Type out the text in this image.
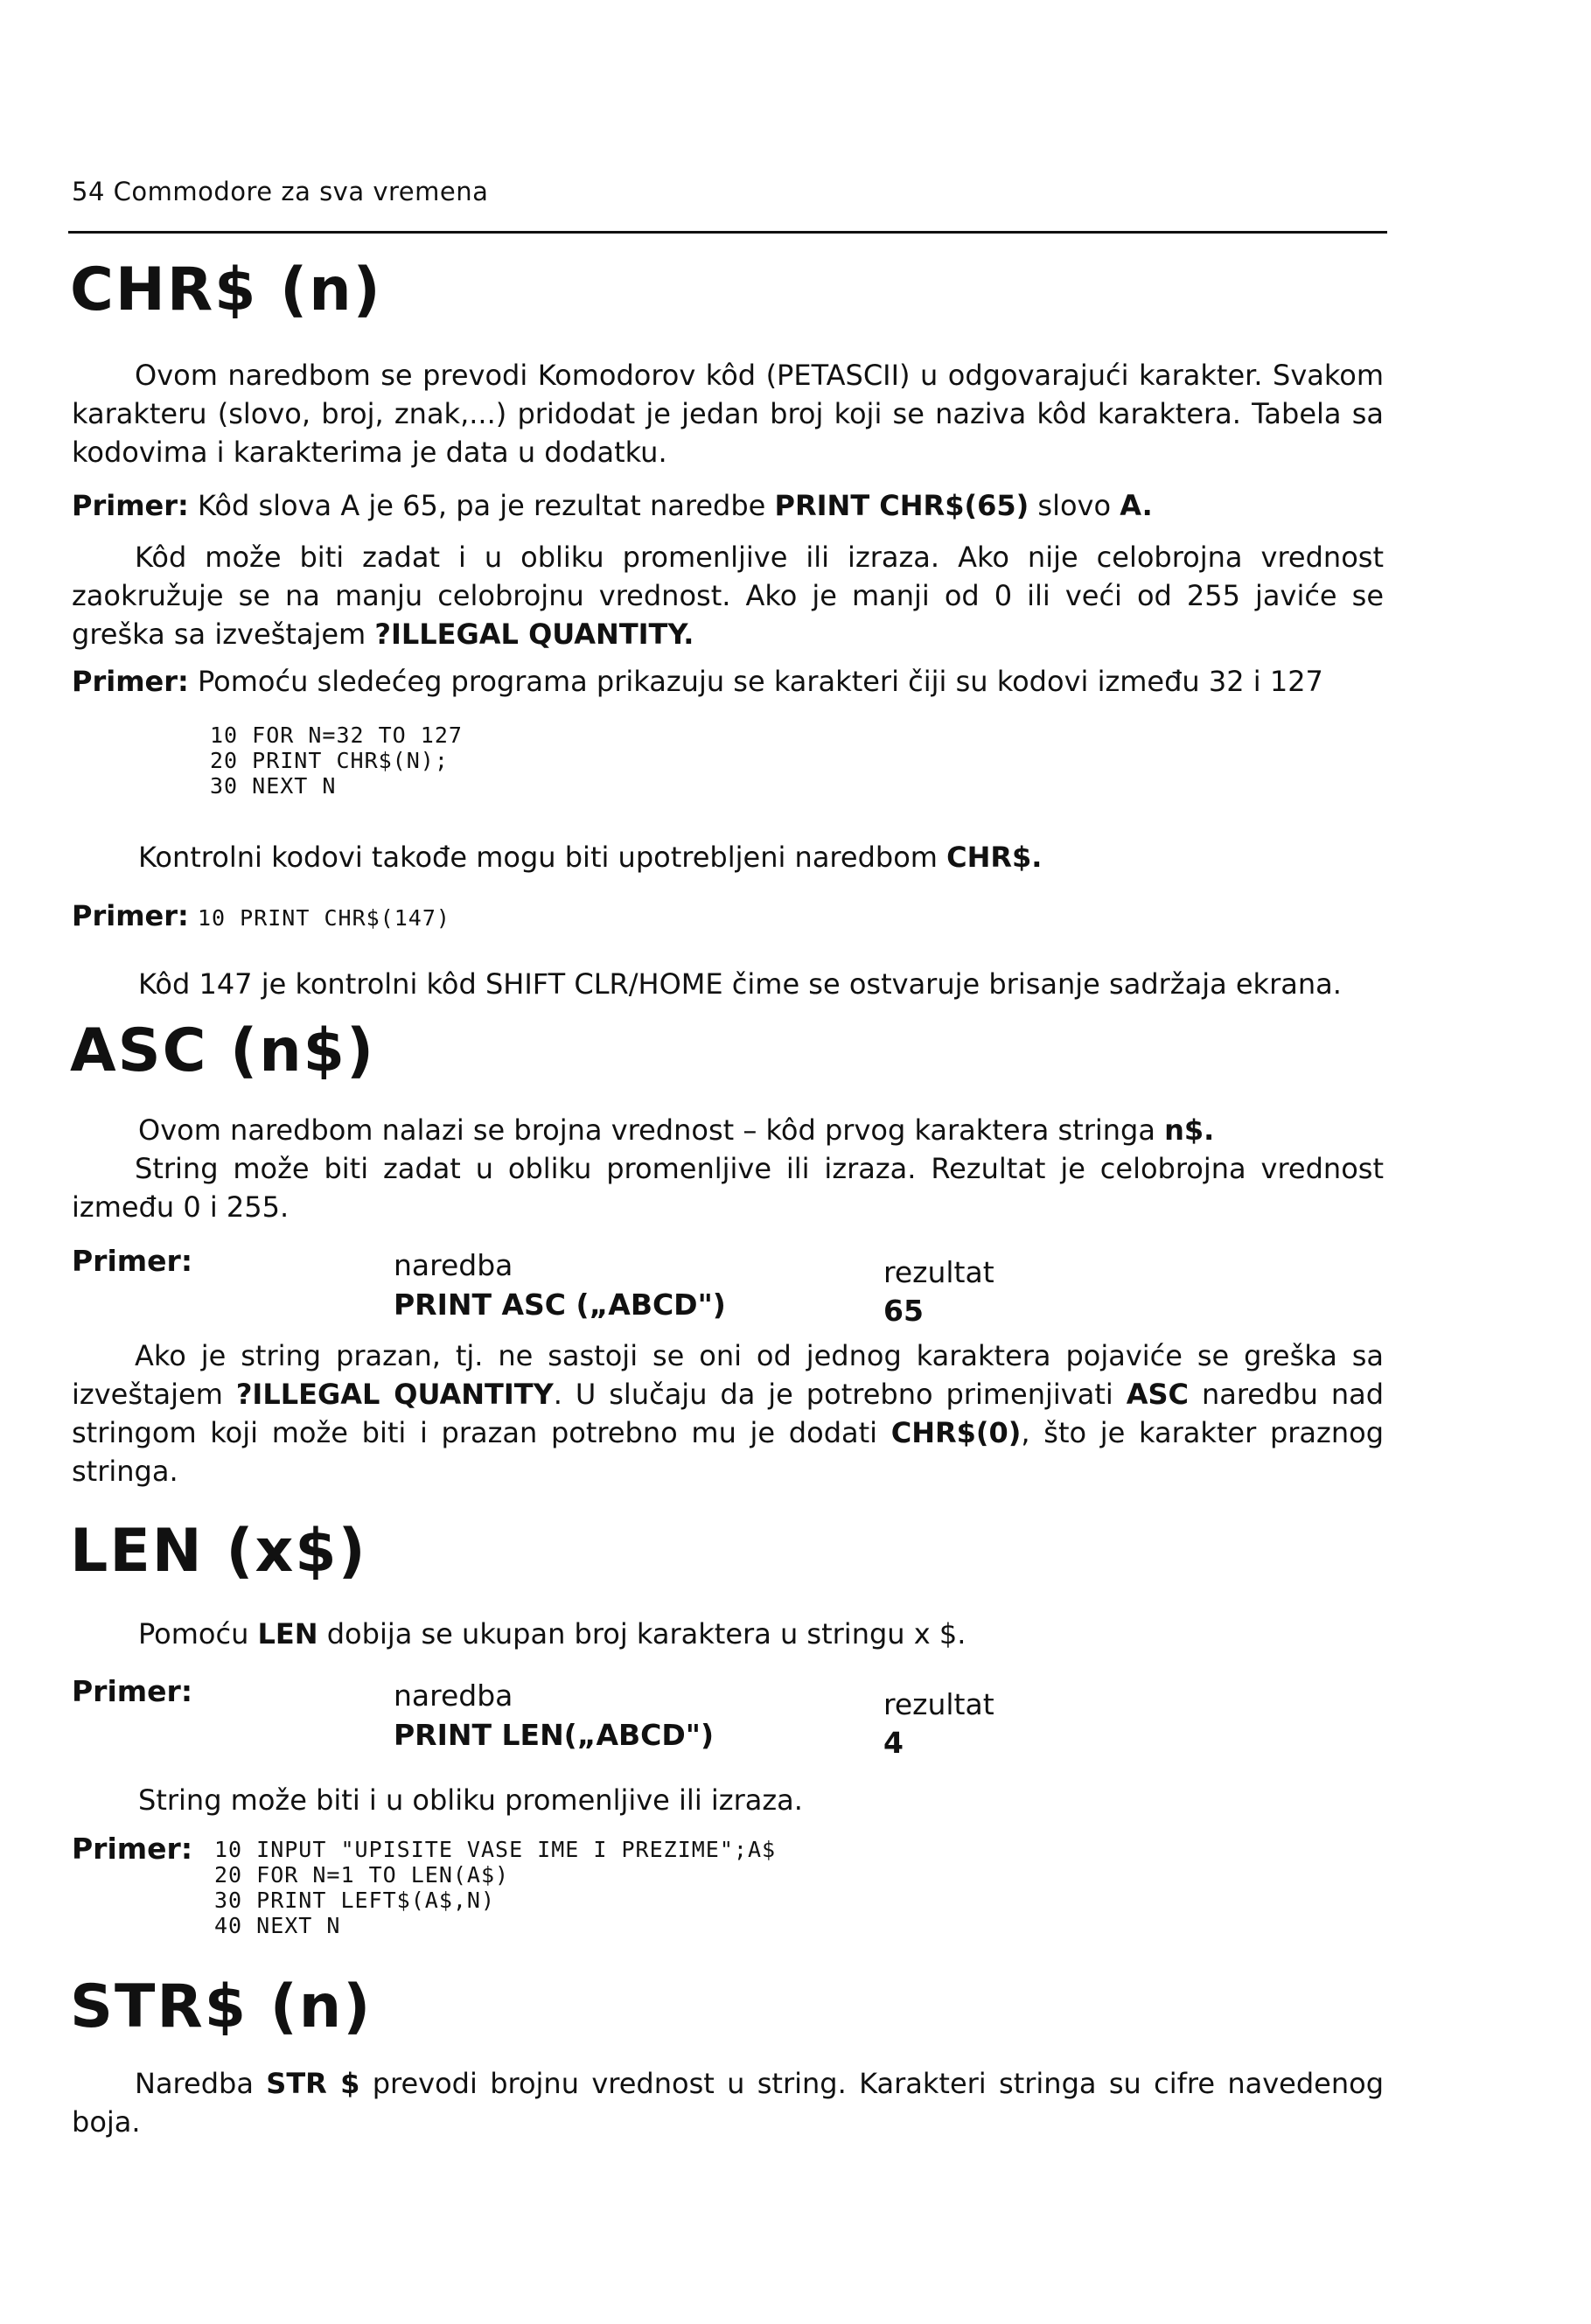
54 Commodore za sva vremena
CHR$ (n)
Ovom naredbom se prevodi Komodorov kôd (PETASCII) u odgovarajući karakter. Svakom karakteru (slovo, broj, znak,...) pridodat je jedan broj koji se naziva kôd karaktera. Tabela sa kodovima i karakterima je data u dodatku.
Primer: Kôd slova A je 65, pa je rezultat naredbe PRINT CHR$(65) slovo A.
Kôd može biti zadat i u obliku promenljive ili izraza. Ako nije celobrojna vrednost zaokružuje se na manju celobrojnu vrednost. Ako je manji od 0 ili veći od 255 javiće se greška sa izveštajem ?ILLEGAL QUANTITY.
Primer: Pomoću sledećeg programa prikazuju se karakteri čiji su kodovi između 32 i 127
10 FOR N=32 TO 127
20 PRINT CHR$(N);
30 NEXT N
Kontrolni kodovi takođe mogu biti upotrebljeni naredbom CHR$.
Primer: 10 PRINT CHR$(147)
Kôd 147 je kontrolni kôd SHIFT CLR/HOME čime se ostvaruje brisanje sadržaja ekrana.
ASC (n$)
Ovom naredbom nalazi se brojna vrednost – kôd prvog karaktera stringa n$.
String može biti zadat u obliku promenljive ili izraza. Rezultat je celobrojna vrednost između 0 i 255.
Primer:	naredba	rezultat
PRINT ASC („ABCD")	65
Ako je string prazan, tj. ne sastoji se oni od jednog karaktera pojaviće se greška sa izveštajem ?ILLEGAL QUANTITY. U slučaju da je potrebno primenjivati ASC naredbu nad stringom koji može biti i prazan potrebno mu je dodati CHR$(0), što je karakter praznog stringa.
LEN (x$)
Pomoću LEN dobija se ukupan broj karaktera u stringu x $.
Primer:	naredba	rezultat
PRINT LEN(„ABCD")	4
String može biti i u obliku promenljive ili izraza.
Primer: 10 INPUT "UPISITE VASE IME I PREZIME";A$
20 FOR N=1 TO LEN(A$)
30 PRINT LEFT$(A$,N)
40 NEXT N
STR$ (n)
Naredba STR $ prevodi brojnu vrednost u string. Karakteri stringa su cifre navedenog boja.
